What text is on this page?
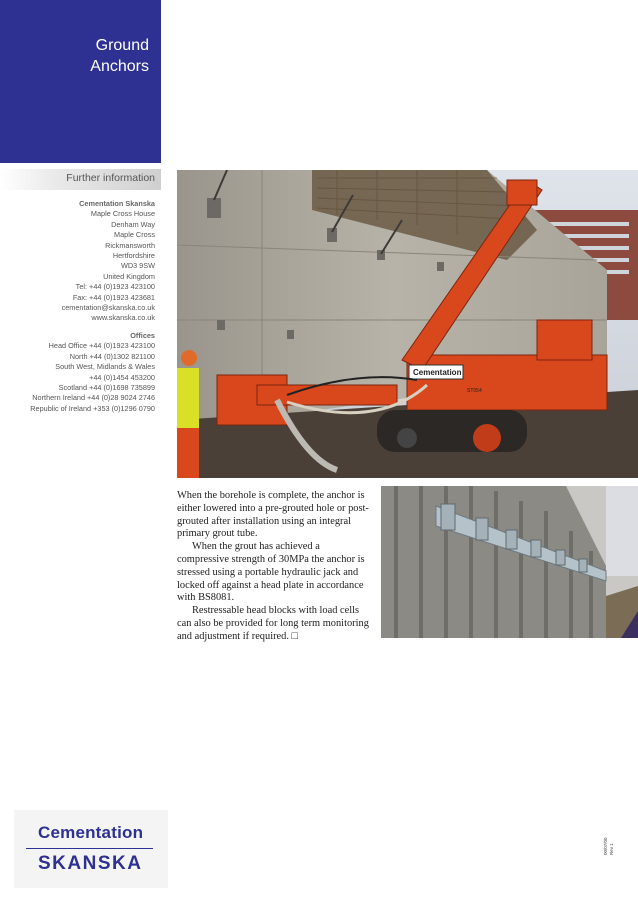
Ground
Anchors
Further information
Cementation Skanska
Maple Cross House
Denham Way
Maple Cross
Rickmansworth
Hertfordshire
WD3 9SW
United Kingdom
Tel: +44 (0)1923 423100
Fax: +44 (0)1923 423681
cementation@skanska.co.uk
www.skanska.co.uk
Offices
Head Office +44 (0)1923 423100
North +44 (0)1302 821100
South West, Midlands & Wales
+44 (0)1454 453200
Scotland +44 (0)1698 735899
Northern Ireland +44 (0)28 9024 2746
Republic of Ireland +353 (0)1296 0790
Cementation
ST054

When the borehole is complete, the anchor is either lowered into a pre-grouted hole or post-grouted after installation using an integral primary grout tube.

When the grout has achieved a compressive strength of 30MPa the anchor is stressed using a portable hydraulic jack and locked off against a head plate in accordance with BS8081.

Restressable head blocks with load cells can also be provided for long term monitoring and adjustment if required. □

Cementation
SKANSKA
00/07/00 Rev 1
